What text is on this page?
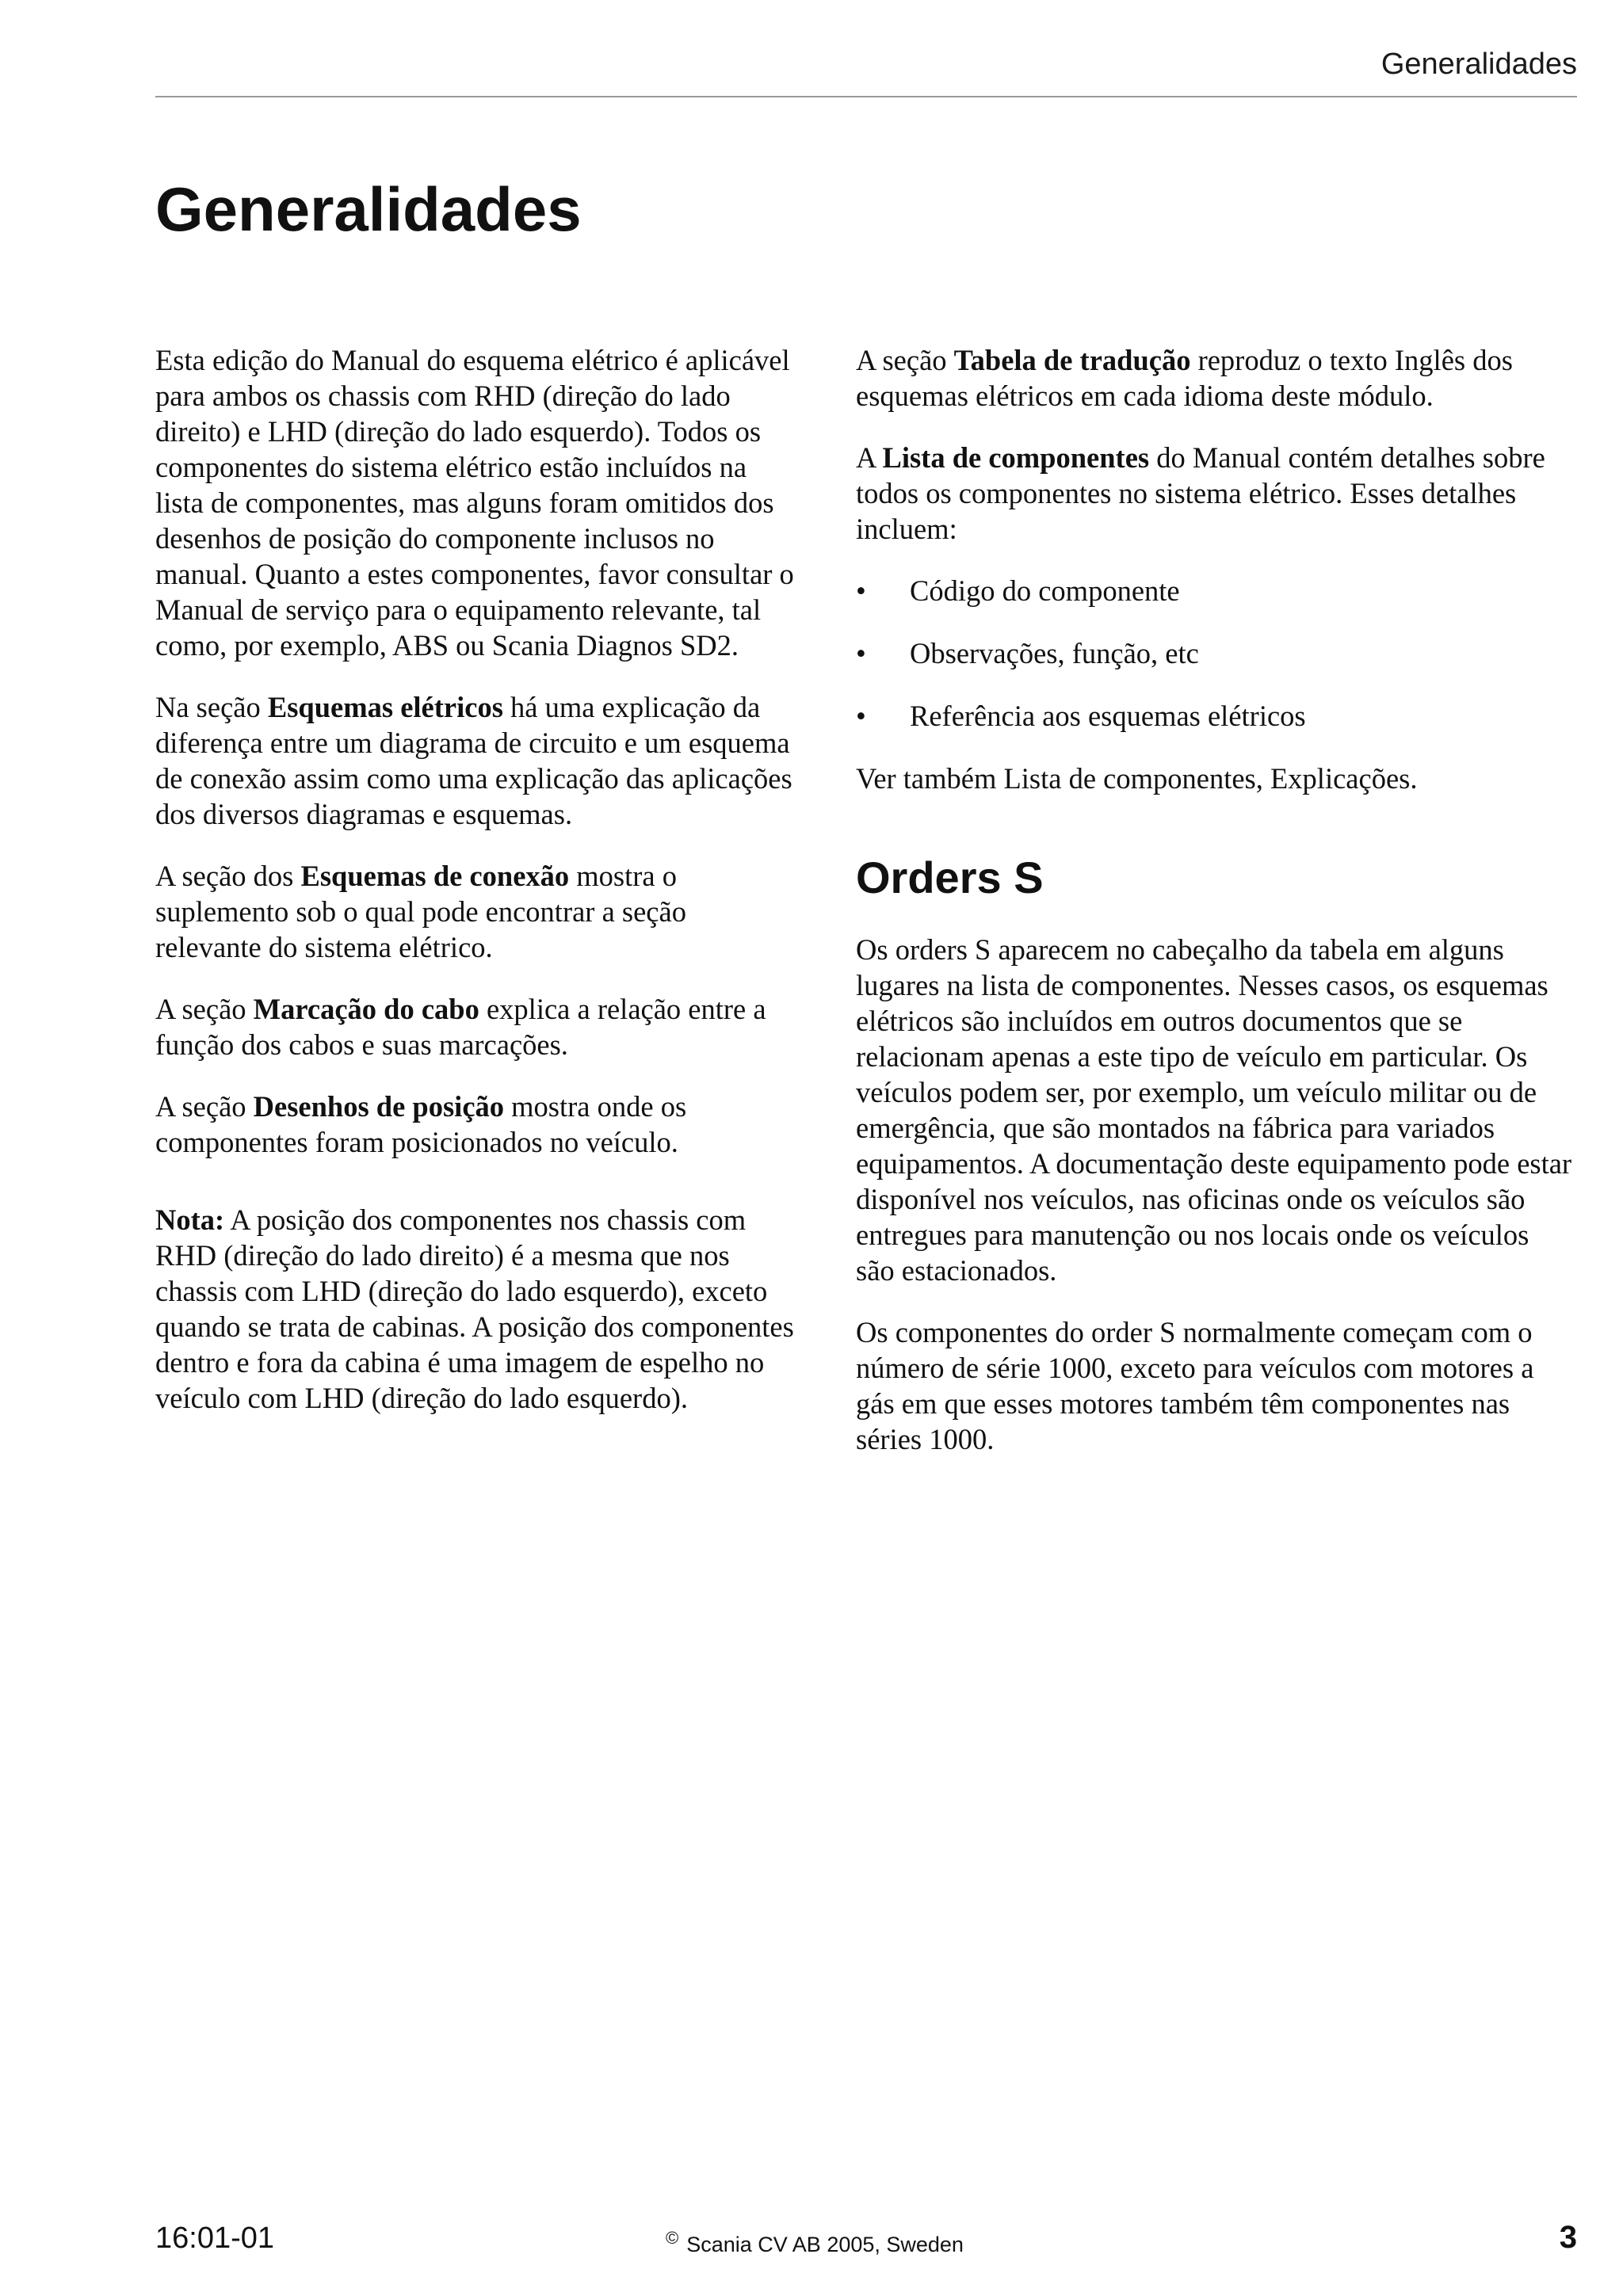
Generalidades
Generalidades

Esta edição do Manual do esquema elétrico é aplicável para ambos os chassis com RHD (direção do lado direito) e LHD (direção do lado esquerdo). Todos os componentes do sistema elétrico estão incluídos na lista de componentes, mas alguns foram omitidos dos desenhos de posição do componente inclusos no manual. Quanto a estes componentes, favor consultar o Manual de serviço para o equipamento relevante, tal como, por exemplo, ABS ou Scania Diagnos SD2.

Na seção Esquemas elétricos há uma explicação da diferença entre um diagrama de circuito e um esquema de conexão assim como uma explicação das aplicações dos diversos diagramas e esquemas.

A seção dos Esquemas de conexão mostra o suplemento sob o qual pode encontrar a seção relevante do sistema elétrico.

A seção Marcação do cabo explica a relação entre a função dos cabos e suas marcações.

A seção Desenhos de posição mostra onde os componentes foram posicionados no veículo.

Nota: A posição dos componentes nos chassis com RHD (direção do lado direito) é a mesma que nos chassis com LHD (direção do lado esquerdo), exceto quando se trata de cabinas. A posição dos componentes dentro e fora da cabina é uma imagem de espelho no veículo com LHD (direção do lado esquerdo).

A seção Tabela de tradução reproduz o texto Inglês dos esquemas elétricos em cada idioma deste módulo.

A Lista de componentes do Manual contém detalhes sobre todos os componentes no sistema elétrico. Esses detalhes incluem:

• Código do componente
• Observações, função, etc
• Referência aos esquemas elétricos

Ver também Lista de componentes, Explicações.

Orders S

Os orders S aparecem no cabeçalho da tabela em alguns lugares na lista de componentes. Nesses casos, os esquemas elétricos são incluídos em outros documentos que se relacionam apenas a este tipo de veículo em particular. Os veículos podem ser, por exemplo, um veículo militar ou de emergência, que são montados na fábrica para variados equipamentos. A documentação deste equipamento pode estar disponível nos veículos, nas oficinas onde os veículos são entregues para manutenção ou nos locais onde os veículos são estacionados.

Os componentes do order S normalmente começam com o número de série 1000, exceto para veículos com motores a gás em que esses motores também têm componentes nas séries 1000.

16:01-01	© Scania CV AB 2005, Sweden	3
